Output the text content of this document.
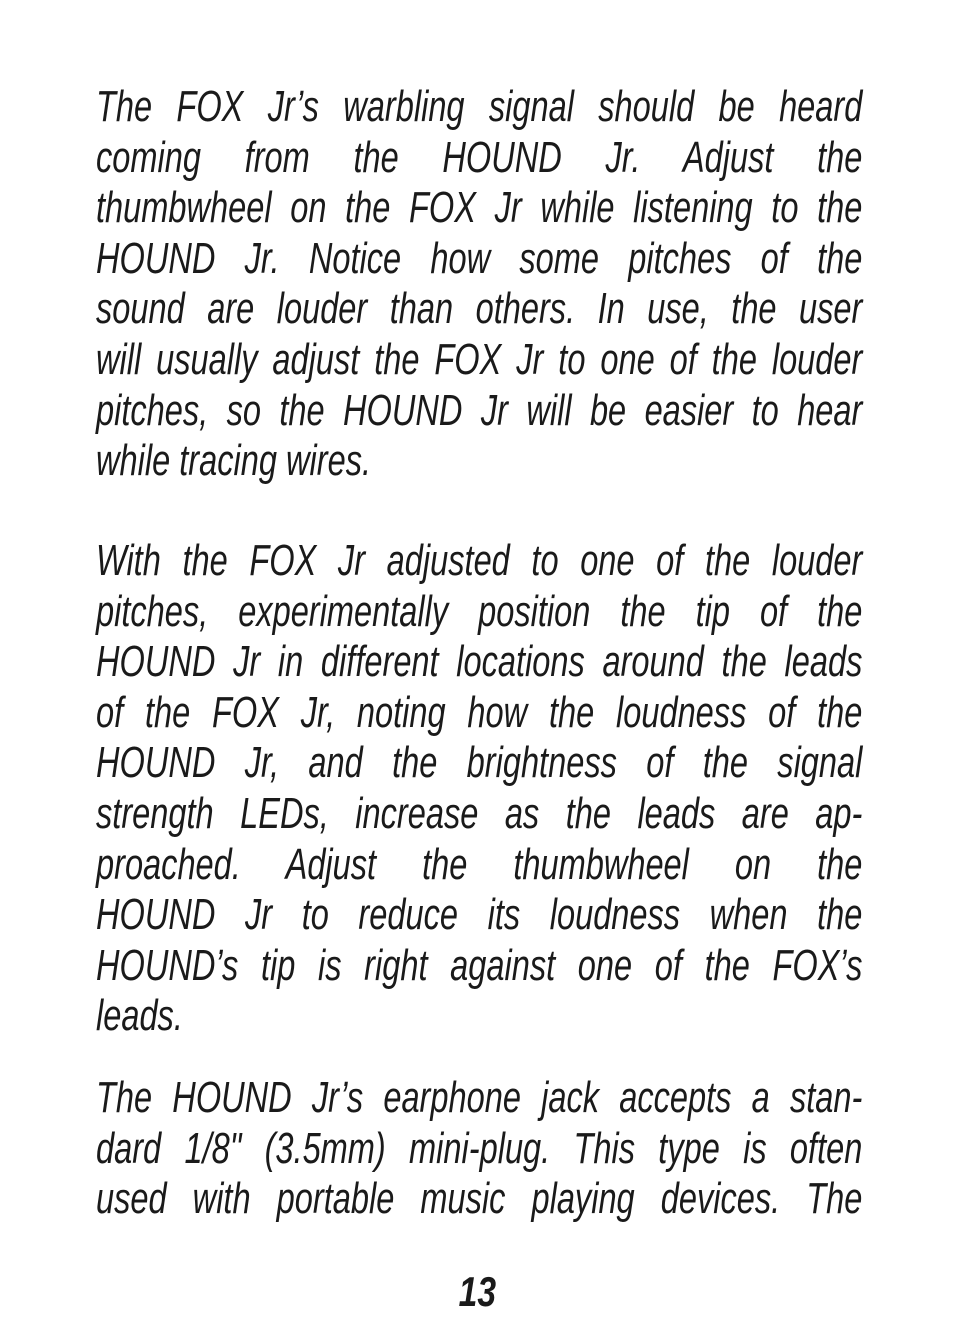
The FOX Jr’s warbling signal should be heard
coming from the HOUND Jr. Adjust the
thumbwheel on the FOX Jr while listening to the
HOUND Jr. Notice how some pitches of the
sound are louder than others. In use, the user
will usually adjust the FOX Jr to one of the louder
pitches, so the HOUND Jr will be easier to hear
while tracing wires.
With the FOX Jr adjusted to one of the louder
pitches, experimentally position the tip of the
HOUND Jr in different locations around the leads
of the FOX Jr, noting how the loudness of the
HOUND Jr, and the brightness of the signal
strength LEDs, increase as the leads are ap-
proached. Adjust the thumbwheel on the
HOUND Jr to reduce its loudness when the
HOUND’s tip is right against one of the FOX’s
leads.
The HOUND Jr’s earphone jack accepts a stan-
dard 1/8" (3.5mm) mini-plug. This type is often
used with portable music playing devices. The
13
